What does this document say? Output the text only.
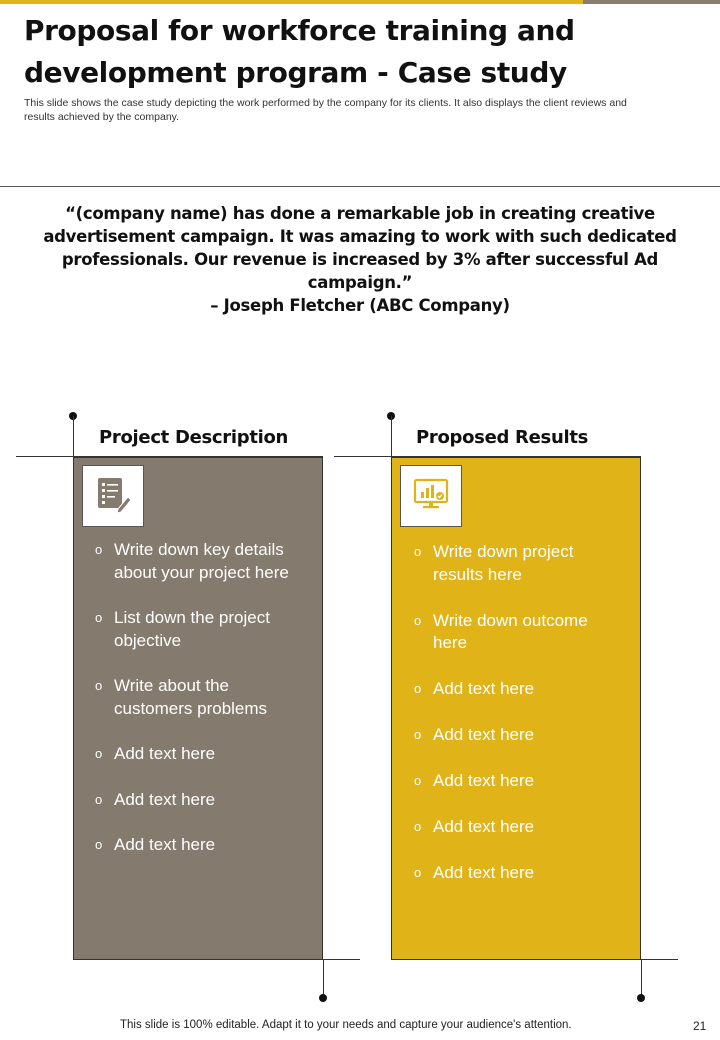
Proposal for workforce training and development program - Case study

This slide shows the case study depicting the work performed by the company for its clients. It also displays the client reviews and results achieved by the company.

“(company name) has done a remarkable job in creating creative advertisement campaign. It was amazing to work with such dedicated professionals. Our revenue is increased by 3% after successful Ad campaign.”
– Joseph Fletcher (ABC Company)
Project Description
o Write down key details about your project here
o List down the project objective
o Write about the customers problems
o Add text here
o Add text here
o Add text here
Proposed Results
o Write down project results here
o Write down outcome here
o Add text here
o Add text here
o Add text here
o Add text here
o Add text here
This slide is 100% editable. Adapt it to your needs and capture your audience's attention.	21
